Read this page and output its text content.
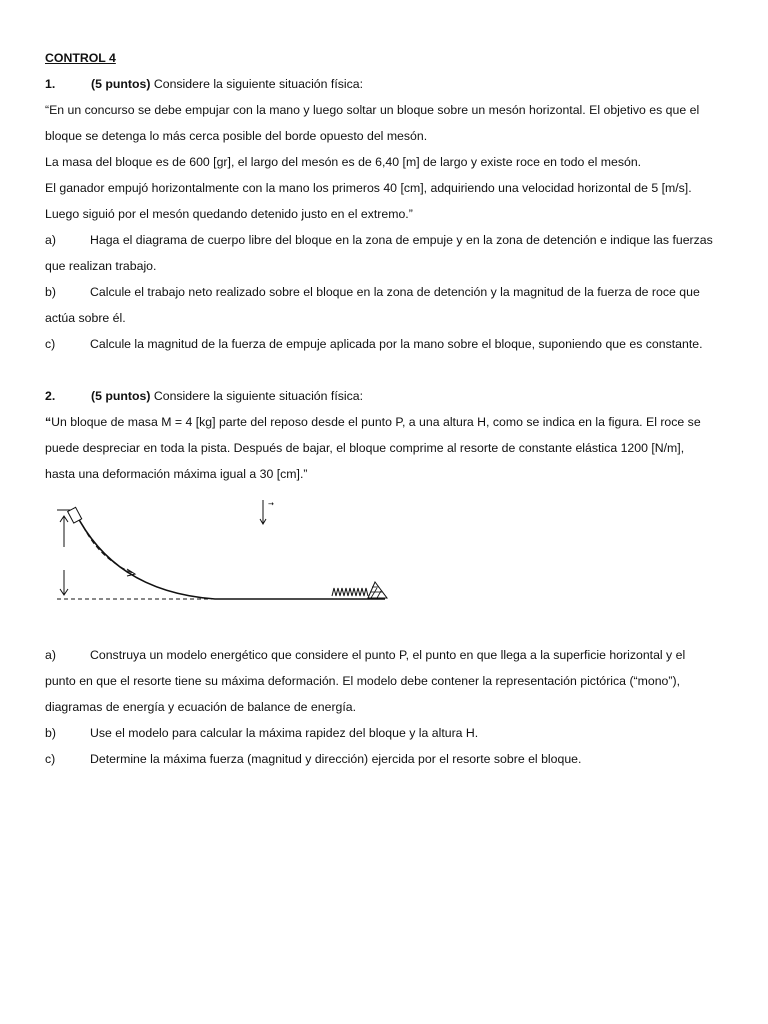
CONTROL 4
1.	(5 puntos) Considere la siguiente situación física:
“En un concurso se debe empujar con la mano y luego soltar un bloque sobre un mesón horizontal. El objetivo es que el
bloque se detenga lo más cerca posible del borde opuesto del mesón.
La masa del bloque es de 600 [gr], el largo del mesón es de 6,40 [m] de largo y existe roce en todo el mesón.
El ganador empujó horizontalmente con la mano los primeros 40 [cm], adquiriendo una velocidad horizontal de 5 [m/s].
Luego siguió por el mesón quedando detenido justo en el extremo.”
a)	Haga el diagrama de cuerpo libre del bloque en la zona de empuje y en la zona de detención e indique las fuerzas
que realizan trabajo.
b)	Calcule el trabajo neto realizado sobre el bloque en la zona de detención y la magnitud de la fuerza de roce que
actúa sobre él.
c)	Calcule la magnitud de la fuerza de empuje aplicada por la mano sobre el bloque, suponiendo que es constante.
2.	(5 puntos) Considere la siguiente situación física:
“Un bloque de masa M = 4 [kg] parte del reposo desde el punto P, a una altura H, como se indica en la figura. El roce se
puede despreciar en toda la pista. Después de bajar, el bloque comprime al resorte de constante elástica 1200 [N/m],
hasta una deformación máxima igual a 30 [cm].”
→
a)	Construya un modelo energético que considere el punto P, el punto en que llega a la superficie horizontal y el
punto en que el resorte tiene su máxima deformación. El modelo debe contener la representación pictórica (“mono”),
diagramas de energía y ecuación de balance de energía.
b)	Use el modelo para calcular la máxima rapidez del bloque y la altura H.
c)	Determine la máxima fuerza (magnitud y dirección) ejercida por el resorte sobre el bloque.
